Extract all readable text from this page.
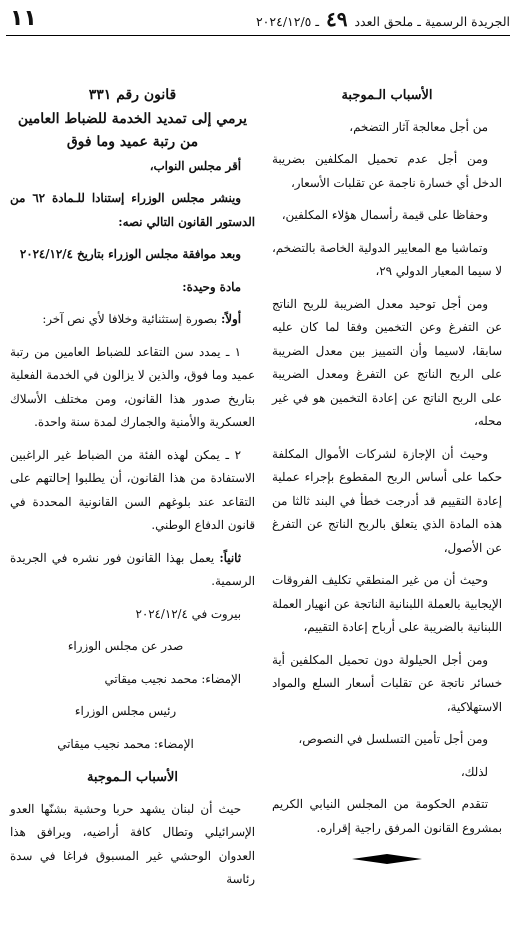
الجريدة الرسمية ـ ملحق العدد ٤٩ ـ ٢٠٢٤/١٢/٥
١١
الأسباب الـموجبة

من أجل معالجة آثار التضخم،

ومن أجل عدم تحميل المكلفين بضريبة الدخل أي خسارة ناجمة عن تقلبات الأسعار،

وحفاظا على قيمة رأسمال هؤلاء المكلفين،

وتماشيا مع المعايير الدولية الخاصة بالتضخم، لا سيما المعيار الدولي ٢٩،

ومن أجل توحيد معدل الضريبة للربح الناتج عن التفرغ وعن التخمين وفقا لما كان عليه سابقا، لاسيما وأن التمييز بين معدل الضريبة على الربح الناتج عن التفرغ ومعدل الضريبة على الربح الناتج عن إعادة التخمين هو في غير محله،

وحيث أن الإجازة لشركات الأموال المكلفة حكما على أساس الربح المقطوع بإجراء عملية إعادة التقييم قد أدرجت خطأ في البند ثالثا من هذه المادة الذي يتعلق بالربح الناتج عن التفرغ عن الأصول،

وحيث أن من غير المنطقي تكليف الفروقات الإيجابية بالعملة اللبنانية الناتجة عن انهيار العملة اللبنانية بالضريبة على أرباح إعادة التقييم،

ومن أجل الحيلولة دون تحميل المكلفين أية خسائر ناتجة عن تقلبات أسعار السلع والمواد الاستهلاكية،

ومن أجل تأمين التسلسل في النصوص،

لذلك،

تتقدم الحكومة من المجلس النيابي الكريم بمشروع القانون المرفق راجية إقراره.

قانون رقم ٣٣١
يرمي إلى تمديد الخدمة للضباط العامين
من رتبة عميد وما فوق

أقر مجلس النواب،

وينشر مجلس الوزراء إستنادا للـمادة ٦٢ من الدستور القانون التالي نصه:

وبعد موافقة مجلس الوزراء بتاريخ ٢٠٢٤/١٢/٤

مادة وحيدة:

أولاً: بصورة إستثنائية وخلافا لأي نص آخر:

١ ـ يمدد سن التقاعد للضباط العامين من رتبة عميد وما فوق، والذين لا يزالون في الخدمة الفعلية بتاريخ صدور هذا القانون، ومن مختلف الأسلاك العسكرية والأمنية والجمارك لمدة سنة واحدة.

٢ ـ يمكن لهذه الفئة من الضباط غير الراغبين الاستفادة من هذا القانون، أن يطلبوا إحالتهم على التقاعد عند بلوغهم السن القانونية المحددة في قانون الدفاع الوطني.

ثانياً: يعمل بهذا القانون فور نشره في الجريدة الرسمية.

بيروت في ٢٠٢٤/١٢/٤

صدر عن مجلس الوزراء

الإمضاء: محمد نجيب ميقاتي

رئيس مجلس الوزراء

الإمضاء: محمد نجيب ميقاتي

الأسباب الـموجبة

حيث أن لبنان يشهد حربا وحشية بشنّها العدو الإسرائيلي وتطال كافة أراضيه، ويرافق هذا العدوان الوحشي غير المسبوق فراغا في سدة رئاسة
